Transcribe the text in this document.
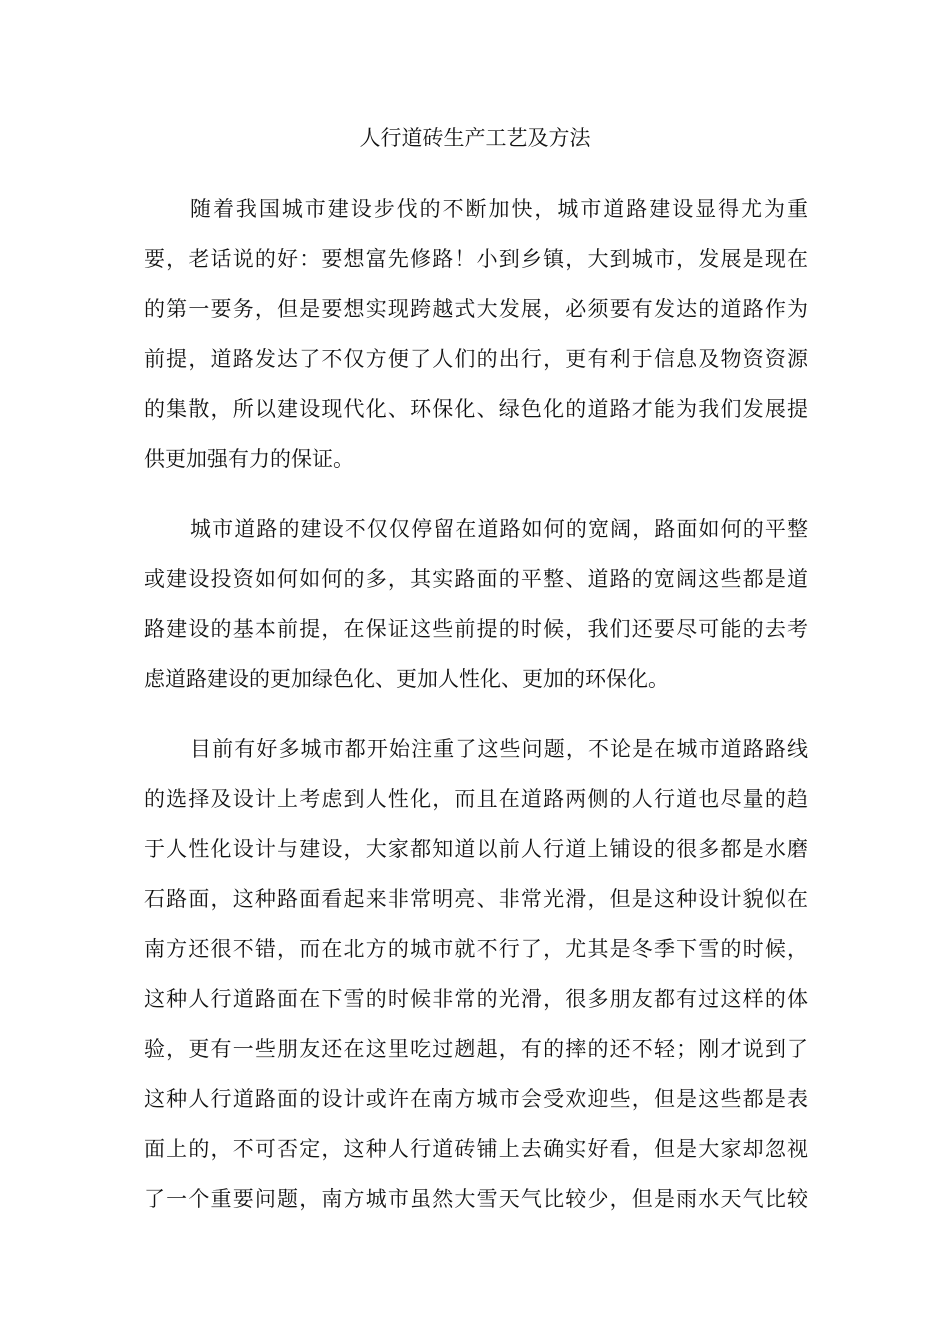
人行道砖生产工艺及方法
随着我国城市建设步伐的不断加快，城市道路建设显得尤为重
要，老话说的好：要想富先修路！小到乡镇，大到城市，发展是现在
的第一要务，但是要想实现跨越式大发展，必须要有发达的道路作为
前提，道路发达了不仅方便了人们的出行，更有利于信息及物资资源
的集散，所以建设现代化、环保化、绿色化的道路才能为我们发展提
供更加强有力的保证。
城市道路的建设不仅仅停留在道路如何的宽阔，路面如何的平整
或建设投资如何如何的多，其实路面的平整、道路的宽阔这些都是道
路建设的基本前提，在保证这些前提的时候，我们还要尽可能的去考
虑道路建设的更加绿色化、更加人性化、更加的环保化。
目前有好多城市都开始注重了这些问题，不论是在城市道路路线
的选择及设计上考虑到人性化，而且在道路两侧的人行道也尽量的趋
于人性化设计与建设，大家都知道以前人行道上铺设的很多都是水磨
石路面，这种路面看起来非常明亮、非常光滑，但是这种设计貌似在
南方还很不错，而在北方的城市就不行了，尤其是冬季下雪的时候，
这种人行道路面在下雪的时候非常的光滑，很多朋友都有过这样的体
验，更有一些朋友还在这里吃过趔趄，有的摔的还不轻；刚才说到了
这种人行道路面的设计或许在南方城市会受欢迎些，但是这些都是表
面上的，不可否定，这种人行道砖铺上去确实好看，但是大家却忽视
了一个重要问题，南方城市虽然大雪天气比较少，但是雨水天气比较
